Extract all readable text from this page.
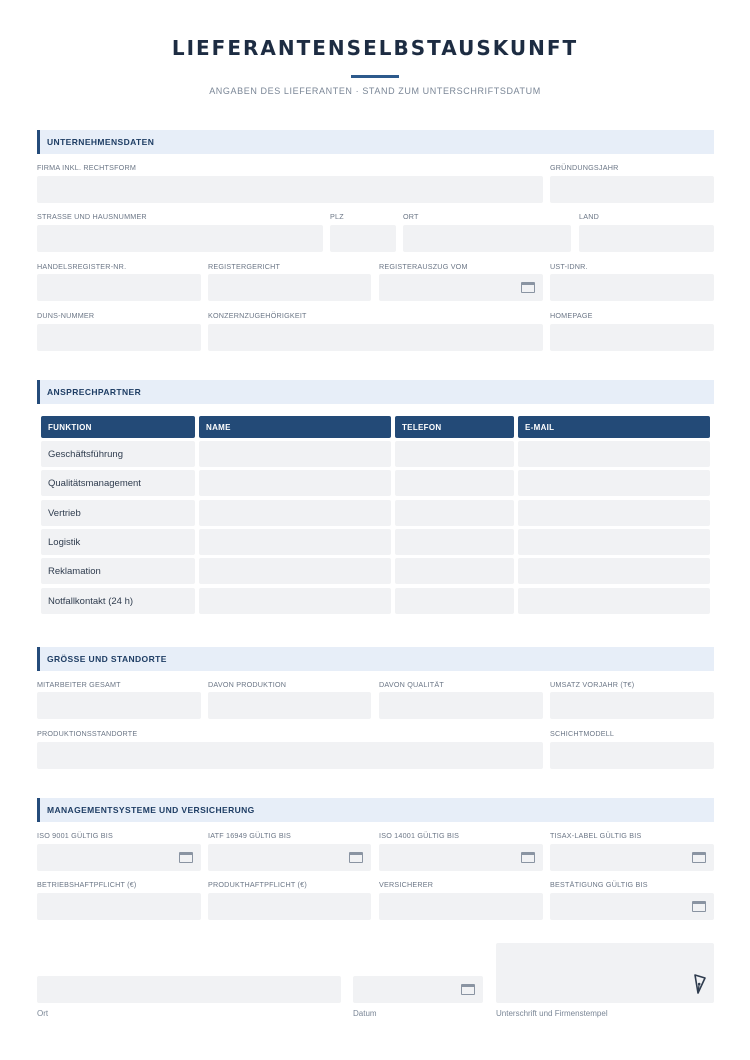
LIEFERANTENSELBSTAUSKUNFT
ANGABEN DES LIEFERANTEN · STAND ZUM UNTERSCHRIFTSDATUM
UNTERNEHMENSDATEN
FIRMA INKL. RECHTSFORM	GRÜNDUNGSJAHR
STRASSE UND HAUSNUMMER	PLZ	ORT	LAND
HANDELSREGISTER-NR.	REGISTERGERICHT	REGISTERAUSZUG VOM	UST-IDNR.
DUNS-NUMMER	KONZERNZUGEHÖRIGKEIT	HOMEPAGE
ANSPRECHPARTNER
FUNKTION	NAME	TELEFON	E-MAIL
Geschäftsführung
Qualitätsmanagement
Vertrieb
Logistik
Reklamation
Notfallkontakt (24 h)
GRÖSSE UND STANDORTE
MITARBEITER GESAMT	DAVON PRODUKTION	DAVON QUALITÄT	UMSATZ VORJAHR (T€)
PRODUKTIONSSTANDORTE	SCHICHTMODELL
MANAGEMENTSYSTEME UND VERSICHERUNG
ISO 9001 GÜLTIG BIS	IATF 16949 GÜLTIG BIS	ISO 14001 GÜLTIG BIS	TISAX-LABEL GÜLTIG BIS
BETRIEBSHAFTPFLICHT (€)	PRODUKTHAFTPFLICHT (€)	VERSICHERER	BESTÄTIGUNG GÜLTIG BIS
Ort	Datum	Unterschrift und Firmenstempel
